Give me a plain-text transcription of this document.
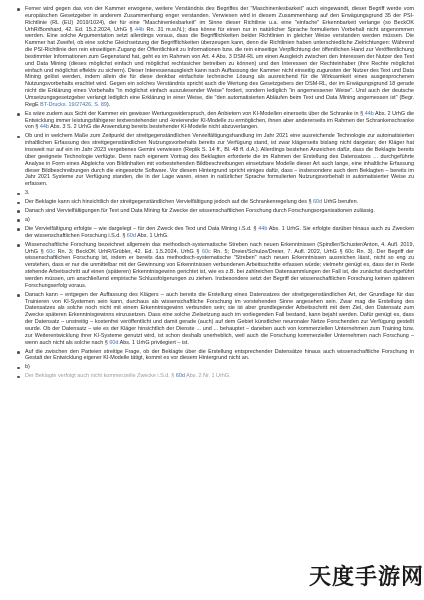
Ferner wird gegen das von der Kammer erwogene, weitere Verständnis des Begriffes der "Maschinenlesbarkeit" auch eingewandt, dieser Begriff werde vom europäischen Gesetzgeber in anderem Zusammenhang enger verstanden. Verwiesen wird in diesem Zusammenhang auf den Erwägungsgrund 35 der PSI-Richtlinie (RL (EU) 2019/1024), der für eine "Maschinenlesbarkeit" im Sinne dieser Richtlinie u.a. eine "einfache" Erkennbarkeit verlange (so BeckOK UrhR/Bomhard, 42. Ed. 15.2.2024, UrhG § 44b Rn. 31 m.w.N.); dies könne für einen nur in natürlicher Sprache formulierten Vorbehalt nicht angenommen werden. Eine solche Argumentation setzt allerdings voraus, dass die Begrifflichkeiten beider Richtlinien in gleicher Weise verstanden werden müssen. Die Kammer hat Zweifel, ob eine solche Gleichsetzung der Begrifflichkeiten überzeugen kann, denn die Richtlinien haben unterschiedliche Zielrichtungen: Während die PSI-Richtlinie den rein einseitigen Zugang der Öffentlichkeit zu Informationen bzw. die rein einseitige Verpflichtung der öffentlichen Hand zur Veröffentlichung bestimmter Informationen zum Gegenstand hat, geht es im Rahmen von Art. 4 Abs. 3 DSM-RL um einen Ausgleich zwischen den Interessen der Nutzer des Text und Data Mining (dieses möglichst einfach und möglichst rechtssicher betreiben zu können) und den Interessen der Rechteinhaber (ihre Rechte möglichst einfach und möglichst effektiv zu sichern). Dieser Interessenausgleich kann nach Auffassung der Kammer nicht einseitig zugunsten der Nutzer des Text und Data Mining gelöst werden, indem allein die für diese denkbar einfachste technische Lösung als ausreichend für die Wirksamkeit eines ausgesprochenen Nutzungsvorbehalts erachtet wird. Gegen ein solches Verständnis spricht auch die Wertung des Gesetzgebers der DSM-RL, der im Erwägungsgrund 18 gerade nicht die Erklärung eines Vorbehalts "in möglichst einfach auszulesender Weise" fordert, sondern lediglich "in angemessener Weise". Und auch der deutsche Umsetzungsgesetzgeber verlangt lediglich eine Erklärung in einer Weise, die "den automatisierten Abläufen beim Text und Data Mining angemessen ist" (Begr. RegE BT-Drucks. 19/27426, S. 89).
Es wäre zudem aus Sicht der Kammer ein gewisser Wertungswiderspruch, den Anbietern von KI-Modellen einerseits über die Schranke in § 44b Abs. 2 UrhG die Entwicklung immer leistungsfähigerer textverstehender und -kreierender KI-Modelle zu ermöglichen, ihnen aber andererseits im Rahmen der Schrankenschranke von § 44b Abs. 3 S. 2 UrhG die Anwendung bereits bestehender KI-Modelle nicht abzuverlangen.
Ob und in welchem Maße zum Zeitpunkt der streitgegenständlichen Vervielfältigungshandlung im Jahr 2021 eine ausreichende Technologie zur automatisierten inhaltlichen Erfassung des streitgegenständlichen Nutzungsvorbehalts bereits zur Verfügung stand, ist zwar klägerseits bislang nicht dargetan; der Kläger hat insoweit nur auf ein im Jahr 2023 vergebenes Gemini verwiesen (Replik S. 14 ff., Bl. 48 ff. d.A.). Allerdings bestehen Anzeichen dafür, dass die Beklagte bereits über geeignete Technologie verfügte. Denn nach eigenem Vortrag des Beklagten erforderte die im Rahmen der Erstellung des Datensatzes … durchgeführte Analyse in Form eines Abgleichs von Bildinhalten mit vorbestehenden Bildbeschreibungen einsetzbare Modelle dieser Art auch lange, eine inhaltliche Erfassung dieser Bildbeschreibungen durch die eingesetzte Software. Vor diesem Hintergrund spricht einiges dafür, dass – insbesondere auch dem Beklagten – bereits im Jahr 2021 Systeme zur Verfügung standen, die in der Lage waren, einen in natürlicher Sprache formulierten Nutzungsvorbehalt in automatisierter Weise zu erfassen.
3.
Der Beklagte kann sich hinsichtlich der streitgegenständlichen Vervielfältigung jedoch auf die Schrankenregelung des § 60d UrhG berufen.
Danach sind Vervielfältigungen für Text und Data Mining für Zwecke der wissenschaftlichen Forschung durch Forschungsorganisationen zulässig.
a)
Die Vervielfältigung erfolgte – wie dargelegt – für den Zweck des Text und Data Mining i.S.d. § 44b Abs. 1 UrhG. Sie erfolgte darüber hinaus auch zu Zwecken der wissenschaftlichen Forschung i.S.d. § 60d Abs. 1 UrhG.
Wissenschaftliche Forschung bezeichnet allgemein das methodisch-systematische Streben nach neuen Erkenntnissen (Spindler/Schuster/Anton, 4. Aufl. 2019, UrhG § 60c Rn. 3; BeckOK UrhR/Grübler, 42. Ed. 1.5.2024, UrhG § 60c Rn. 5; Dreier/Schulze/Dreier, 7. Aufl. 2022, UrhG § 60c Rn. 3). Der Begriff der wissenschaftlichen Forschung ist, indem er bereits das methodisch-systematische "Streben" nach neuen Erkenntnissen ausreichen lässt, nicht so eng zu verstehen, dass er nur die unmittelbar mit der Gewinnung von Erkenntnissen verbundenen Arbeitsschritte erfassen würde; vielmehr genügt es, dass der in Rede stehende Arbeitsschritt auf einen (späteren) Erkenntnisgewinn gerichtet ist, wie es z.B. bei zahlreichen Datensammlungen der Fall ist, die zunächst durchgeführt werden müssen, um anschließend empirische Schlussfolgerungen zu ziehen. Insbesondere setzt der Begriff der wissenschaftlichen Forschung keinen späteren Forschungserfolg voraus.
Danach kann – entgegen der Auffassung des Klägers – auch bereits die Erstellung eines Datensatzes der streitgegenständlichen Art, der Grundlage für das Trainieren von KI-Systemen sein kann, durchaus als wissenschaftliche Forschung im vorstehenden Sinne angesehen sein. Zwar mag die Erstellung des Datensatzes als solche noch nicht mit einem Erkenntnisgewinn verbunden sein; sie ist aber grundlegender Arbeitsschritt mit dem Ziel, den Datensatz zum Zwecke späteren Erkenntnisgewinns einzusetzen. Dass eine solche Zielsetzung auch im vorliegenden Fall bestand, kann bejaht werden. Dafür genügt es, dass der Datensatz – unstreitig – kostenfrei veröffentlicht und damit gerade (auch) auf dem Gebiet künstlicher neuronaler Netze Forschenden zur Verfügung gestellt wurde. Ob der Datensatz – wie es der Kläger hinsichtlich der Dienste ... und ... behauptet – daneben auch von kommerziellen Unternehmen zum Training bzw. zur Weiterentwicklung ihrer KI-Systeme genutzt wird, ist schon deshalb unerheblich, weil auch die Forschung kommerzieller Unternehmen nach Forschung – wenn auch nicht als solche nach § 60d Abs. 1 UrhG privilegiert – ist.
Auf die zwischen den Parteien streitige Frage, ob der Beklagte über die Erstellung entsprechender Datensätze hinaus auch wissenschaftliche Forschung in Gestalt der Entwicklung eigener KI-Modelle tätigt, kommt es vor diesem Hintergrund nicht an.
b)
Der Beklagte verfolgt auch nicht kommerzielle Zwecke i.S.d. § 60d Abs. 2 Nr. 1 UrhG.
天度手游网
